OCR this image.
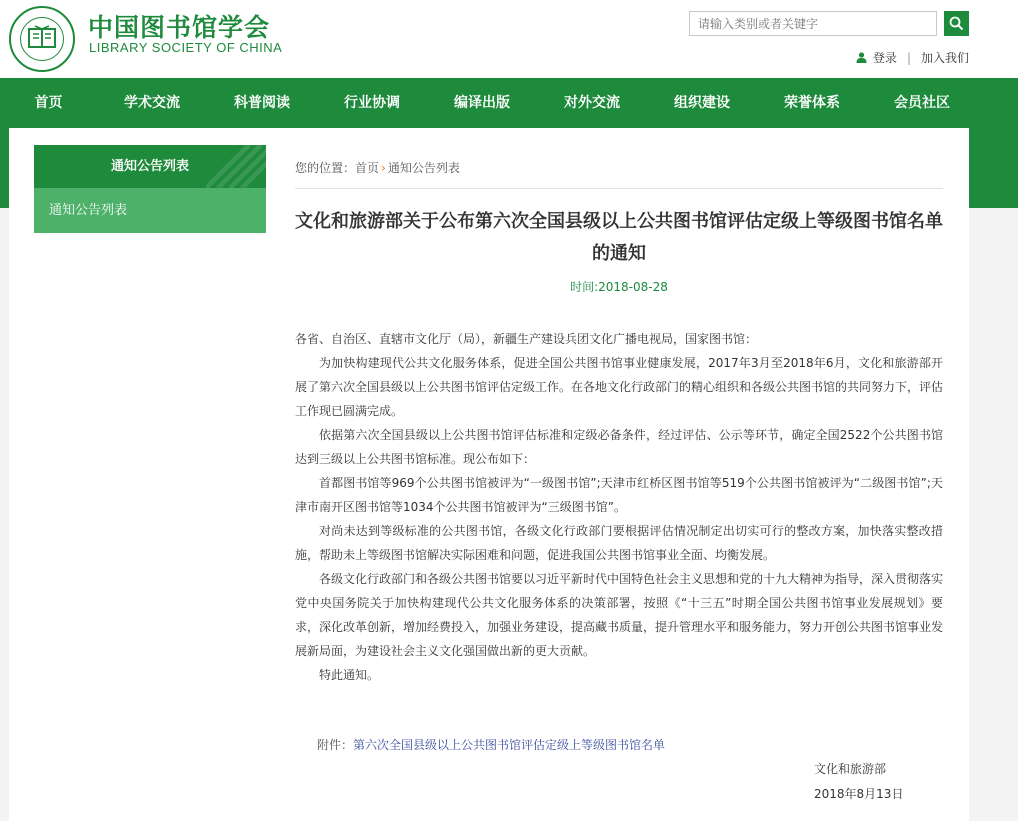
中国图书馆学会
LIBRARY SOCIETY OF CHINA
请输入类别或者关键字
登录 | 加入我们
首页	学术交流	科普阅读	行业协调	编译出版	对外交流	组织建设	荣誉体系	会员社区
通知公告列表
通知公告列表
您的位置：首页 › 通知公告列表
文化和旅游部关于公布第六次全国县级以上公共图书馆评估定级上等级图书馆名单的通知
时间:2018-08-28

各省、自治区、直辖市文化厅（局），新疆生产建设兵团文化广播电视局，国家图书馆：

为加快构建现代公共文化服务体系，促进全国公共图书馆事业健康发展，2017年3月至2018年6月，文化和旅游部开展了第六次全国县级以上公共图书馆评估定级工作。在各地文化行政部门的精心组织和各级公共图书馆的共同努力下，评估工作现已圆满完成。

依据第六次全国县级以上公共图书馆评估标准和定级必备条件，经过评估、公示等环节，确定全国2522个公共图书馆达到三级以上公共图书馆标准。现公布如下：

首都图书馆等969个公共图书馆被评为“一级图书馆”;天津市红桥区图书馆等519个公共图书馆被评为“二级图书馆”;天津市南开区图书馆等1034个公共图书馆被评为“三级图书馆”。

对尚未达到等级标准的公共图书馆，各级文化行政部门要根据评估情况制定出切实可行的整改方案，加快落实整改措施，帮助未上等级图书馆解决实际困难和问题，促进我国公共图书馆事业全面、均衡发展。

各级文化行政部门和各级公共图书馆要以习近平新时代中国特色社会主义思想和党的十九大精神为指导，深入贯彻落实党中央国务院关于加快构建现代公共文化服务体系的决策部署，按照《“十三五”时期全国公共图书馆事业发展规划》要求，深化改革创新，增加经费投入，加强业务建设，提高藏书质量，提升管理水平和服务能力，努力开创公共图书馆事业发展新局面，为建设社会主义文化强国做出新的更大贡献。

特此通知。

附件：第六次全国县级以上公共图书馆评估定级上等级图书馆名单
文化和旅游部
2018年8月13日
